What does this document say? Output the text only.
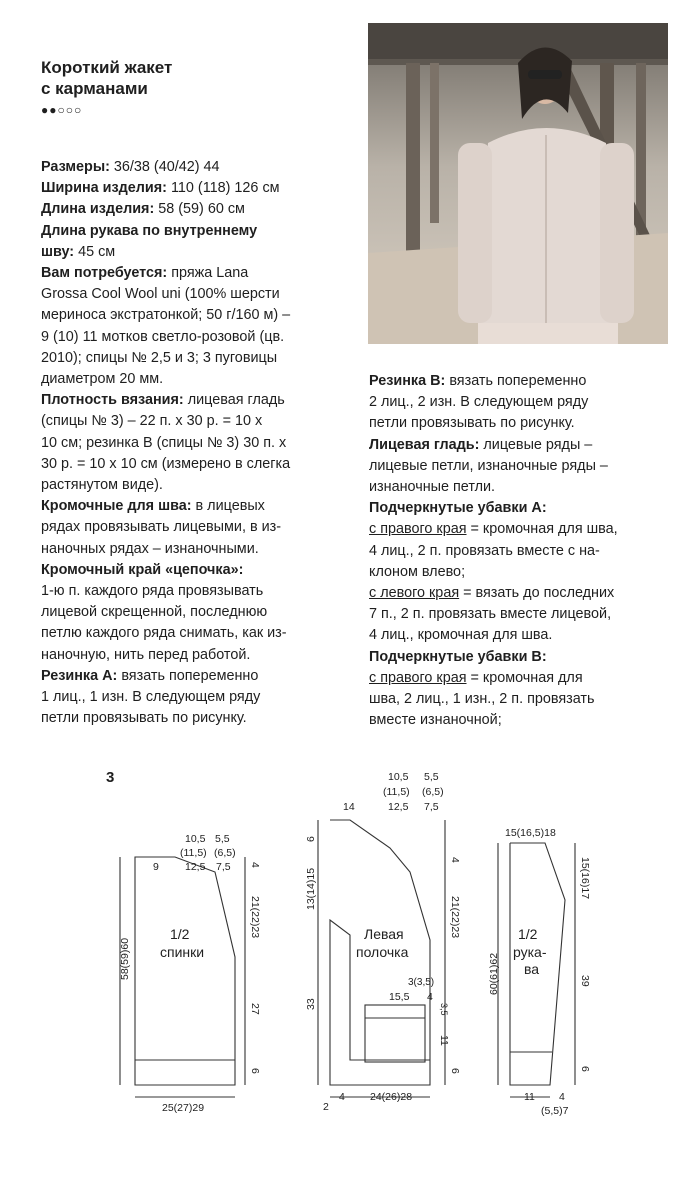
Короткий жакет
с карманами
●●○○○

Размеры: 36/38 (40/42) 44

Ширина изделия: 110 (118) 126 см

Длина изделия: 58 (59) 60 см

Длина рукава по внутреннему

шву: 45 см

Вам потребуется: пряжа Lana

Grossa Cool Wool uni (100% шерсти

мериноса экстратонкой; 50 г/160 м) –

9 (10) 11 мотков светло-розовой (цв.

2010); спицы № 2,5 и 3; 3 пуговицы

диаметром 20 мм.

Плотность вязания: лицевая гладь

(спицы № 3) – 22 п. х 30 р. = 10 х

10 см; резинка В (спицы № 3) 30 п. х

30 р. = 10 х 10 см (измерено в слегка

растянутом виде).

Кромочные для шва: в лицевых

рядах провязывать лицевыми, в из-

наночных рядах – изнаночными.

Кромочный край «цепочка»:

1-ю п. каждого ряда провязывать

лицевой скрещенной, последнюю

петлю каждого ряда снимать, как из-

наночную, нить перед работой.

Резинка А: вязать попеременно

1 лиц., 1 изн. В следующем ряду

петли провязывать по рисунку.

Резинка В: вязать попеременно

2 лиц., 2 изн. В следующем ряду

петли провязывать по рисунку.

Лицевая гладь: лицевые ряды –

лицевые петли, изнаночные ряды –

изнаночные петли.

Подчеркнутые убавки А:

с правого края = кромочная для шва,

4 лиц., 2 п. провязать вместе с на-

клоном влево;

с левого края = вязать до последних

7 п., 2 п. провязать вместе лицевой,

4 лиц., кромочная для шва.

Подчеркнутые убавки В:

с правого края = кромочная для

шва, 2 лиц., 1 изн., 2 п. провязать

вместе изнаночной;

3
10,5 5,5
(11,5) (6,5)
12,5 7,5
9
1/2
спинки
4
21(22)23
27
6
58(59)60
25(27)29
10,5 5,5
(11,5) (6,5)
12,5 7,5
14
Левая
полочка
6
13(14)15
33
4
21(22)23
3,5
11
6
3(3,5)
15,5 4
2
4 24(26)28
15(16,5)18
1/2
рука-
ва
15(16)17
39
6
60(61)62
11 4
(5,5)7
